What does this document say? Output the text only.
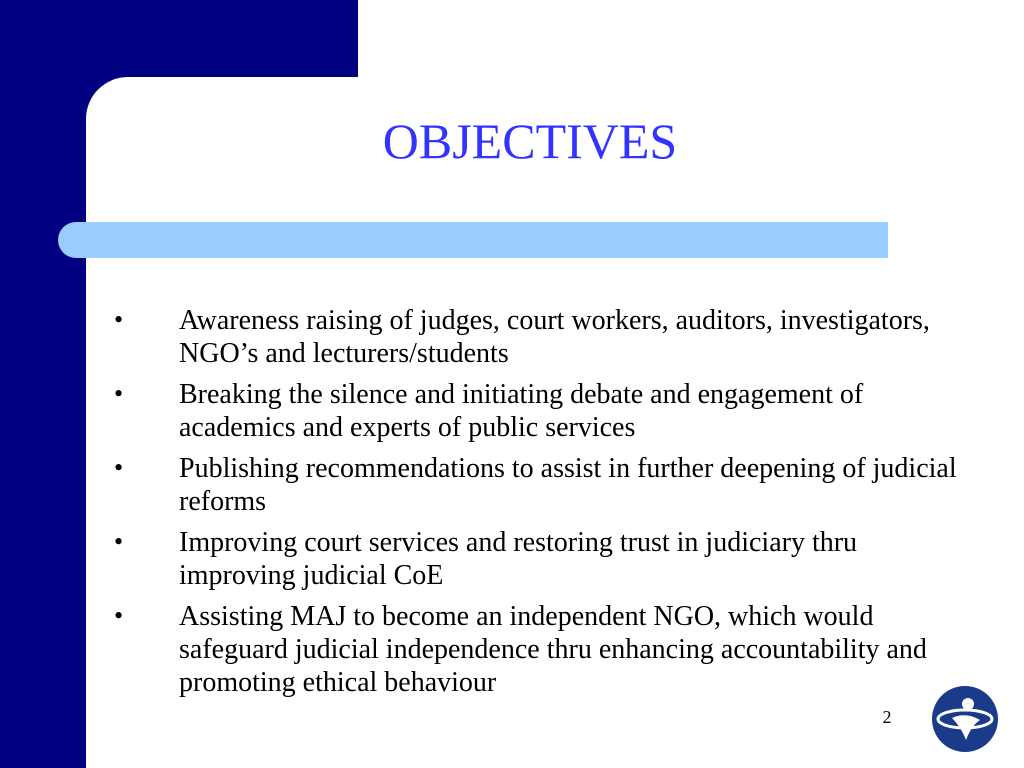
OBJECTIVES
• Awareness raising of judges, court workers, auditors, investigators, NGO’s and lecturers/students
• Breaking the silence and initiating debate and engagement of academics and experts of public services
• Publishing recommendations to assist in further deepening of judicial reforms
• Improving court services and restoring trust in judiciary thru improving judicial CoE
• Assisting MAJ to become an independent NGO, which would safeguard judicial independence thru enhancing accountability and promoting ethical behaviour
2
